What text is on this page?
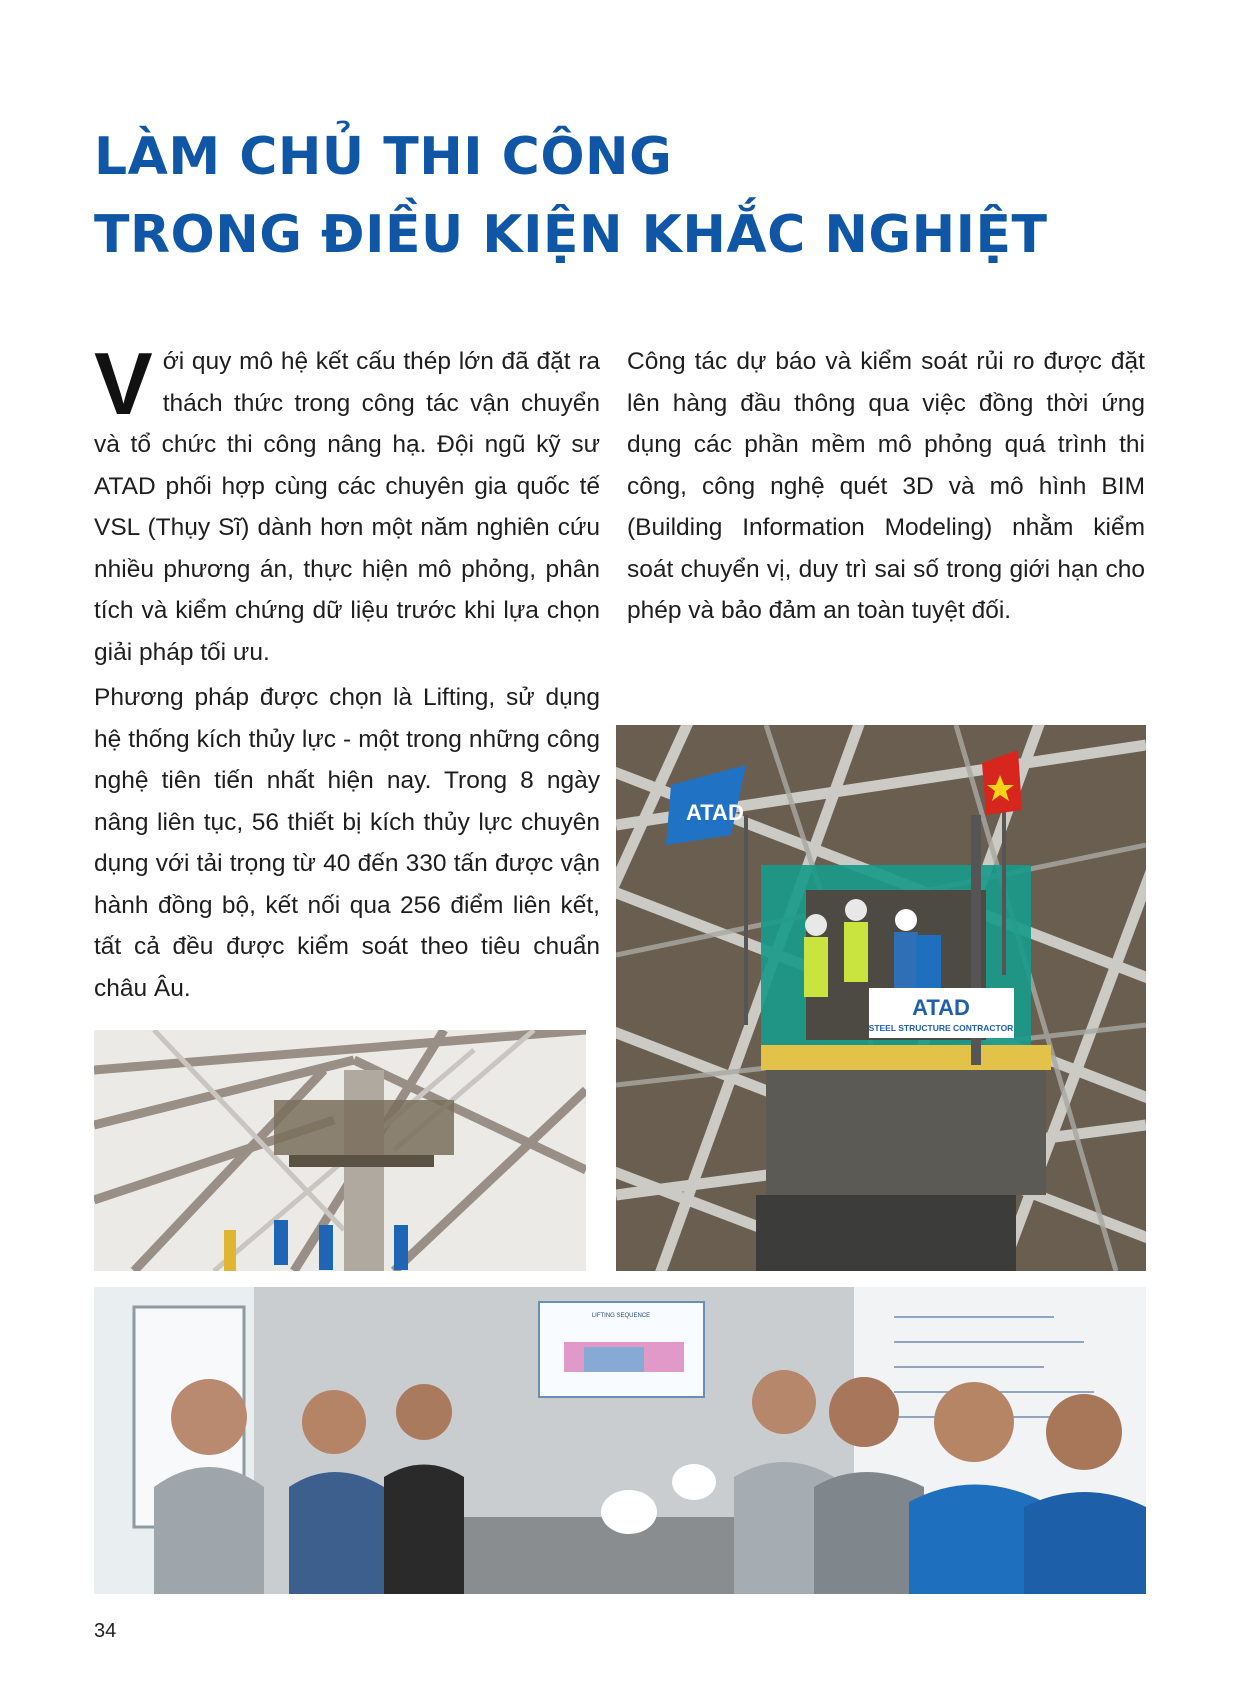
LÀM CHỦ THI CÔNG
TRONG ĐIỀU KIỆN KHẮC NGHIỆT

Với quy mô hệ kết cấu thép lớn đã đặt ra thách thức trong công tác vận chuyển và tổ chức thi công nâng hạ. Đội ngũ kỹ sư ATAD phối hợp cùng các chuyên gia quốc tế VSL (Thụy Sĩ) dành hơn một năm nghiên cứu nhiều phương án, thực hiện mô phỏng, phân tích và kiểm chứng dữ liệu trước khi lựa chọn giải pháp tối ưu.

Công tác dự báo và kiểm soát rủi ro được đặt lên hàng đầu thông qua việc đồng thời ứng dụng các phần mềm mô phỏng quá trình thi công, công nghệ quét 3D và mô hình BIM (Building Information Modeling) nhằm kiểm soát chuyển vị, duy trì sai số trong giới hạn cho phép và bảo đảm an toàn tuyệt đối.

Phương pháp được chọn là Lifting, sử dụng hệ thống kích thủy lực - một trong những công nghệ tiên tiến nhất hiện nay. Trong 8 ngày nâng liên tục, 56 thiết bị kích thủy lực chuyên dụng với tải trọng từ 40 đến 330 tấn được vận hành đồng bộ, kết nối qua 256 điểm liên kết, tất cả đều được kiểm soát theo tiêu chuẩn châu Âu.

ATAD
ATAD
STEEL STRUCTURE CONTRACTOR
LIFTING SEQUENCE
34
